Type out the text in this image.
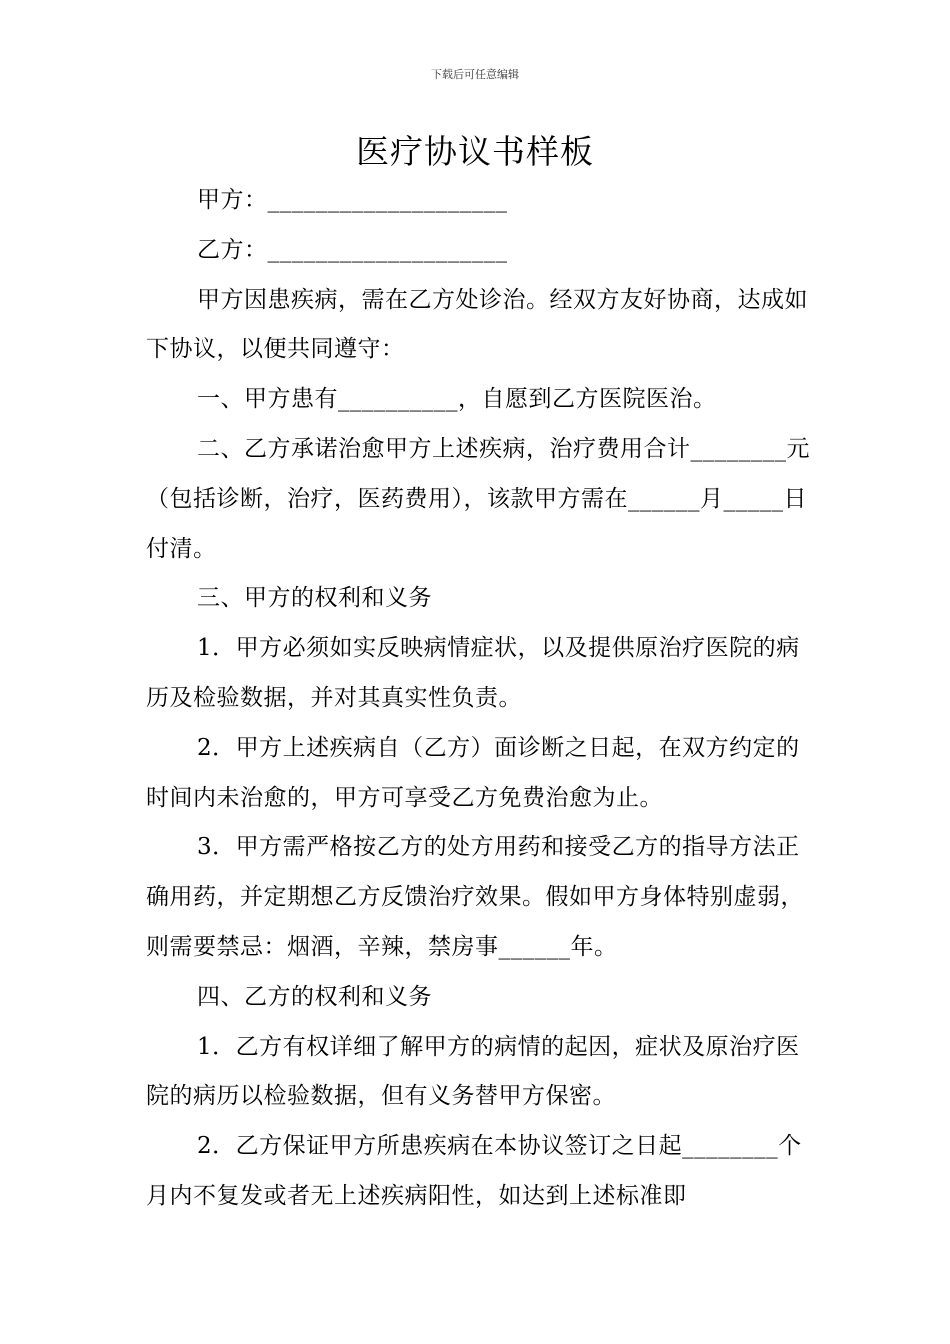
下载后可任意编辑
医疗协议书样板

甲方：____________________

乙方：____________________

甲方因患疾病，需在乙方处诊治。经双方友好协商，达成如下协议，以便共同遵守：

一、甲方患有__________，自愿到乙方医院医治。

二、乙方承诺治愈甲方上述疾病，治疗费用合计________元（包括诊断，治疗，医药费用），该款甲方需在______月_____日付清。

三、甲方的权利和义务

1．甲方必须如实反映病情症状，以及提供原治疗医院的病历及检验数据，并对其真实性负责。

2．甲方上述疾病自（乙方）面诊断之日起，在双方约定的时间内未治愈的，甲方可享受乙方免费治愈为止。

3．甲方需严格按乙方的处方用药和接受乙方的指导方法正确用药，并定期想乙方反馈治疗效果。假如甲方身体特别虚弱，则需要禁忌：烟酒，辛辣，禁房事______年。

四、乙方的权利和义务

1．乙方有权详细了解甲方的病情的起因，症状及原治疗医院的病历以检验数据，但有义务替甲方保密。

2．乙方保证甲方所患疾病在本协议签订之日起________个月内不复发或者无上述疾病阳性，如达到上述标准即
